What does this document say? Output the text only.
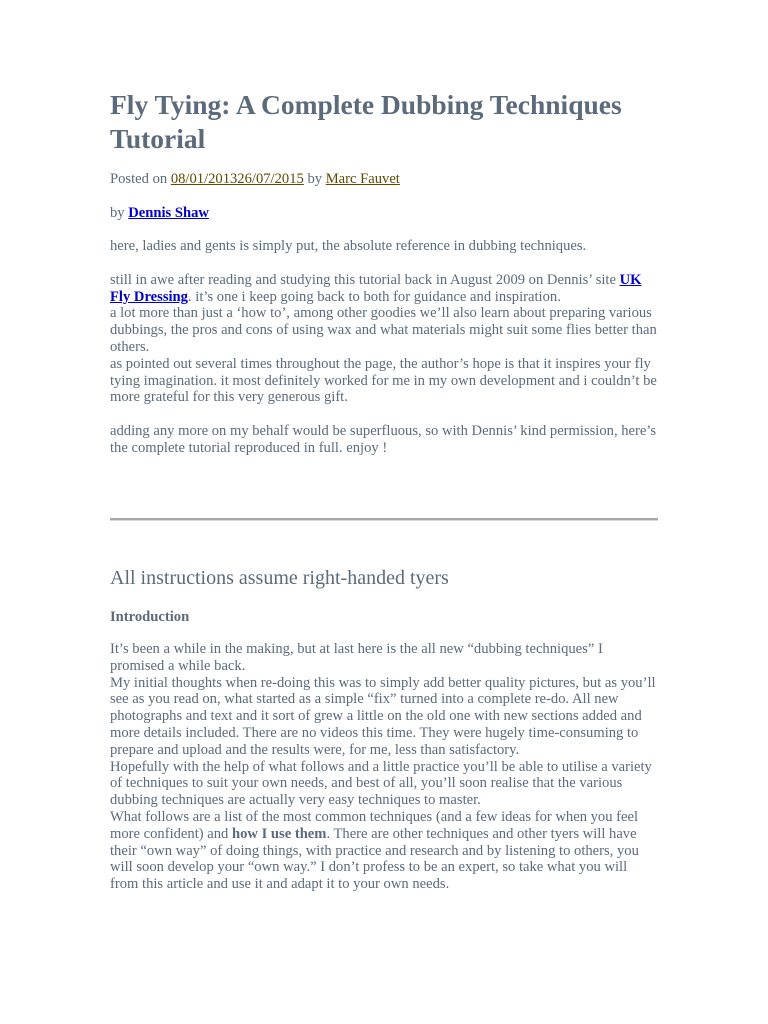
Fly Tying: A Complete Dubbing Techniques Tutorial

Posted on 08/01/201326/07/2015 by Marc Fauvet

by Dennis Shaw

here, ladies and gents is simply put, the absolute reference in dubbing techniques.

still in awe after reading and studying this tutorial back in August 2009 on Dennis’ site UK Fly Dressing. it’s one i keep going back to both for guidance and inspiration.

a lot more than just a ‘how to’, among other goodies we’ll also learn about preparing various dubbings, the pros and cons of using wax and what materials might suit some flies better than others.

as pointed out several times throughout the page, the author’s hope is that it inspires your fly tying imagination. it most definitely worked for me in my own development and i couldn’t be more grateful for this very generous gift.

adding any more on my behalf would be superfluous, so with Dennis’ kind permission, here’s the complete tutorial reproduced in full. enjoy !

All instructions assume right-handed tyers

Introduction

It’s been a while in the making, but at last here is the all new “dubbing techniques” I promised a while back.

My initial thoughts when re-doing this was to simply add better quality pictures, but as you’ll see as you read on, what started as a simple “fix” turned into a complete re-do. All new photographs and text and it sort of grew a little on the old one with new sections added and more details included. There are no videos this time. They were hugely time-consuming to prepare and upload and the results were, for me, less than satisfactory.

Hopefully with the help of what follows and a little practice you’ll be able to utilise a variety of techniques to suit your own needs, and best of all, you’ll soon realise that the various dubbing techniques are actually very easy techniques to master.

What follows are a list of the most common techniques (and a few ideas for when you feel more confident) and how I use them. There are other techniques and other tyers will have their “own way” of doing things, with practice and research and by listening to others, you will soon develop your “own way.” I don’t profess to be an expert, so take what you will from this article and use it and adapt it to your own needs.
